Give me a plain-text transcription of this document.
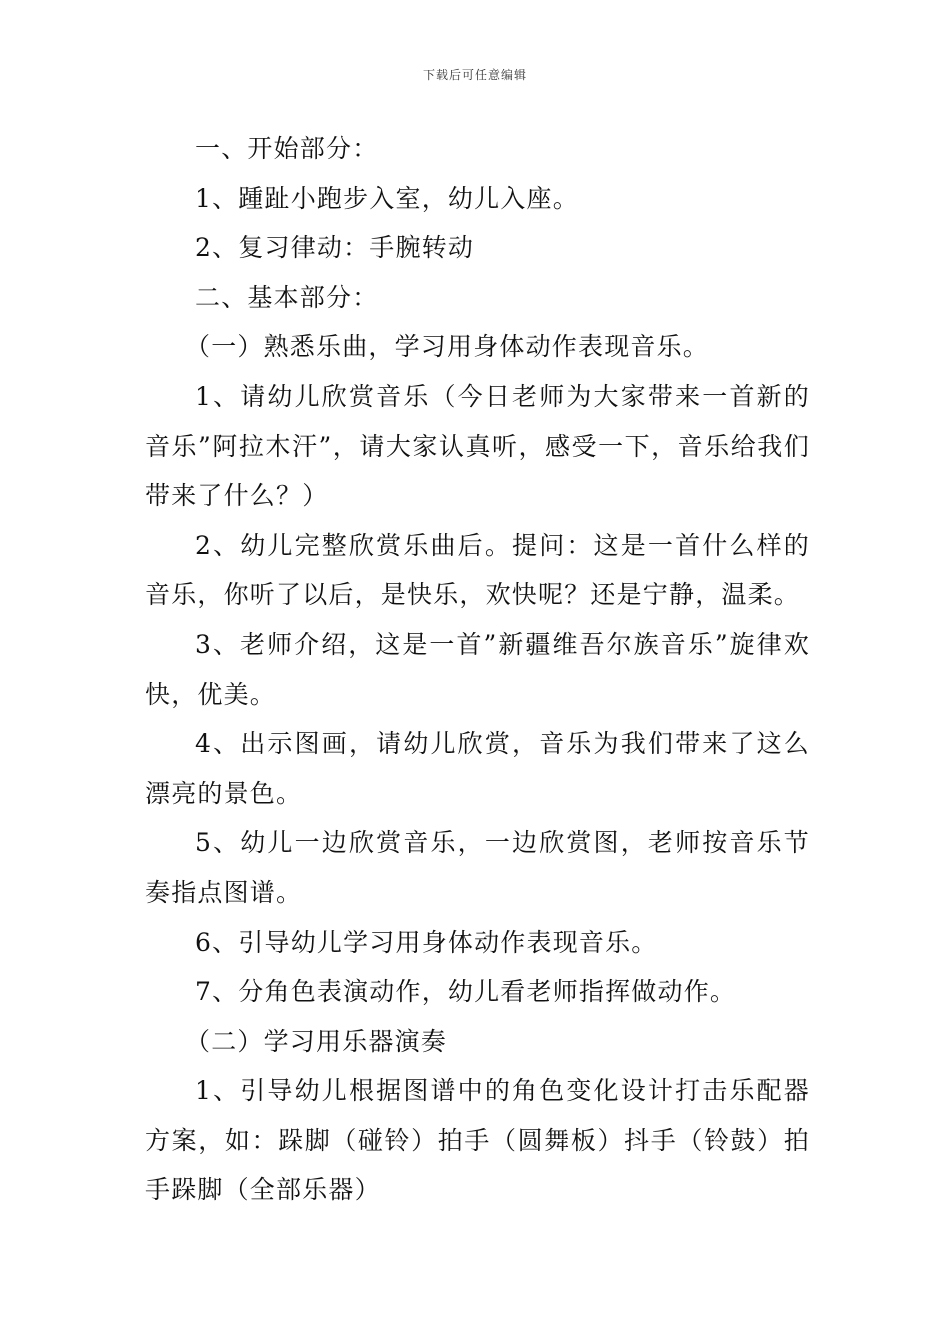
下载后可任意编辑

一、开始部分：

1、踵趾小跑步入室，幼儿入座。

2、复习律动：手腕转动

二、基本部分：

（一）熟悉乐曲，学习用身体动作表现音乐。

1、请幼儿欣赏音乐（今日老师为大家带来一首新的音乐”阿拉木汗”，请大家认真听，感受一下，音乐给我们带来了什么？）

2、幼儿完整欣赏乐曲后。提问：这是一首什么样的音乐，你听了以后，是快乐，欢快呢？还是宁静，温柔。

3、老师介绍，这是一首”新疆维吾尔族音乐”旋律欢快，优美。

4、出示图画，请幼儿欣赏，音乐为我们带来了这么漂亮的景色。

5、幼儿一边欣赏音乐，一边欣赏图，老师按音乐节奏指点图谱。

6、引导幼儿学习用身体动作表现音乐。

7、分角色表演动作，幼儿看老师指挥做动作。

（二）学习用乐器演奏

1、引导幼儿根据图谱中的角色变化设计打击乐配器方案，如：跺脚（碰铃）拍手（圆舞板）抖手（铃鼓）拍手跺脚（全部乐器）
